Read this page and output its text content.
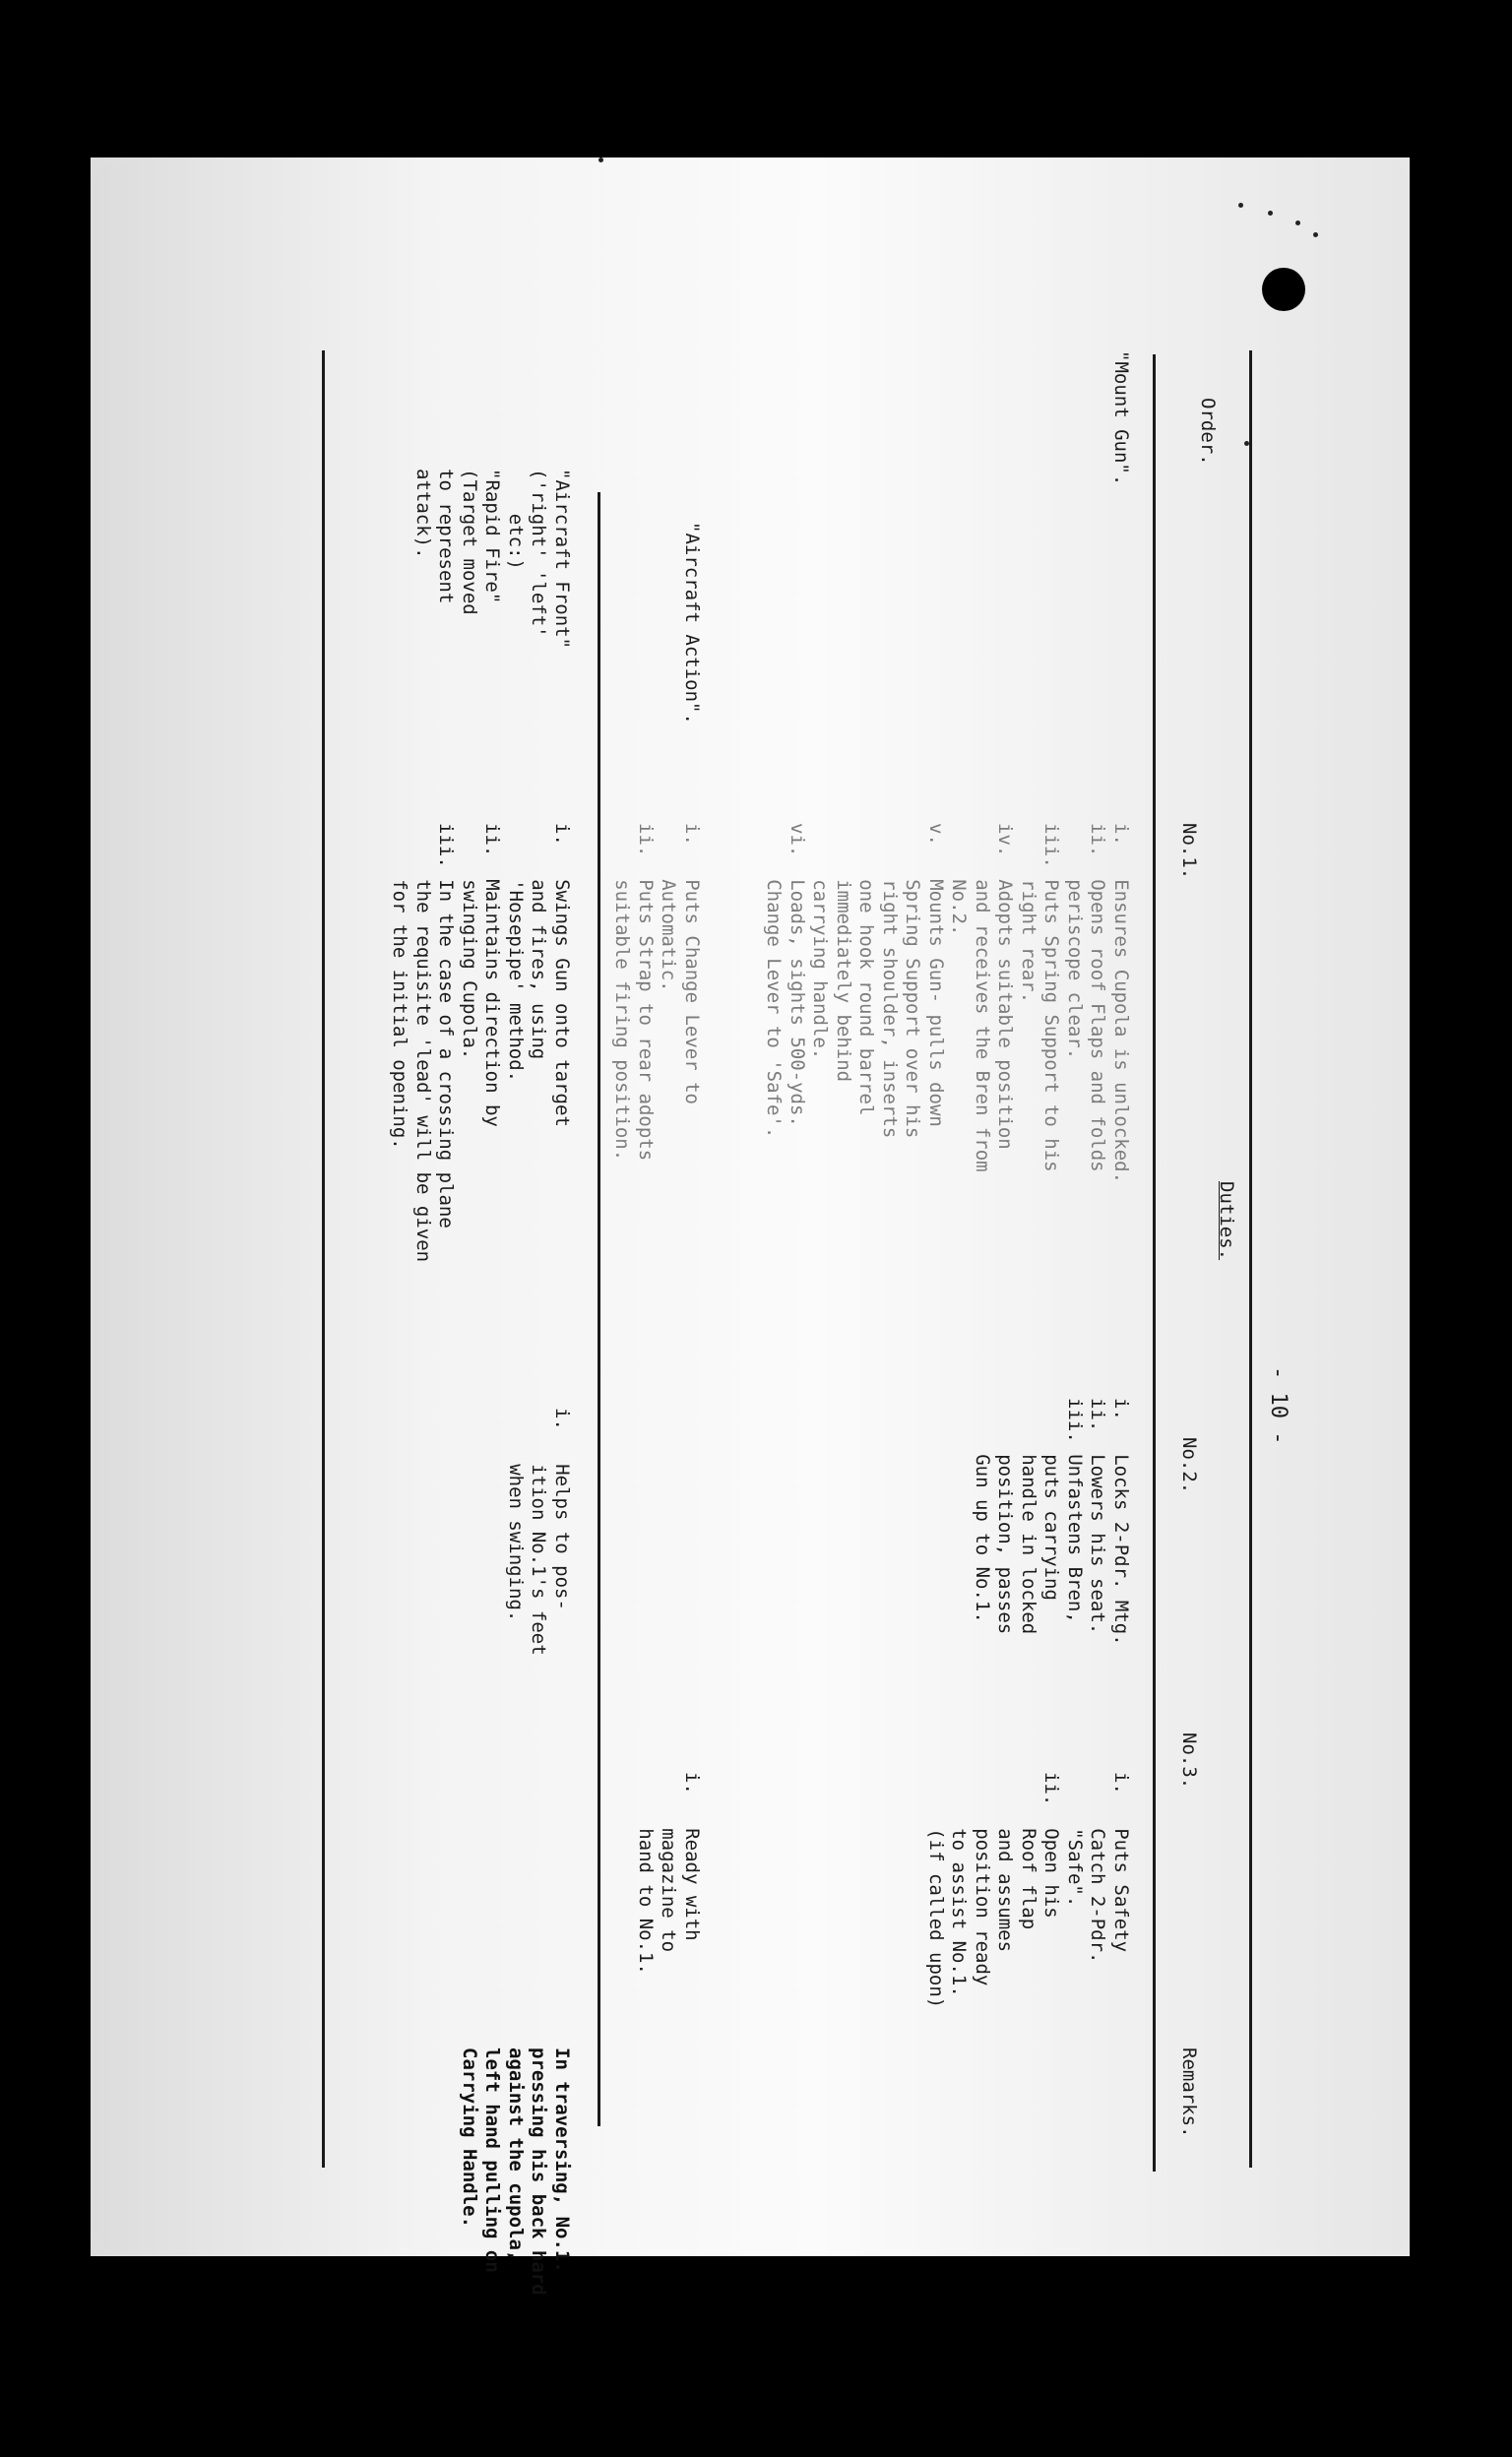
- 10 -
Order.
Duties.
No.1.
No.2.
No.3.
Remarks.
"Mount Gun".
i.   Ensures Cupola is unlocked.
ii.  Opens roof Flaps and folds
periscope clear.
iii. Puts Spring Support to his
right rear.
iv.  Adopts suitable position
and receives the Bren from
No.2.
v.   Mounts Gun- pulls down
Spring Support over his
right shoulder, inserts
one hook round barrel
immediately behind
carrying handle.
vi.  Loads, sights 500-yds.
Change Lever to 'Safe'.
i.   Locks 2-Pdr. Mtg.
ii.  Lowers his seat.
iii. Unfastens Bren,
puts carrying
handle in locked
position, passes
Gun up to No.1.
i.   Puts Safety
Catch 2-Pdr.
"Safe".
ii.  Open his
Roof flap
and assumes
position ready
to assist No.1.
(if called upon)
"Aircraft Action".
i.   Puts Change Lever to
Automatic.
ii.  Puts Strap to rear adopts
suitable firing position.
i.   Ready with
magazine to
hand to No.1.
"Aircraft Front"
('right' 'left'
etc:)
"Rapid Fire"
(Target moved
to represent
attack).
i.   Swings Gun onto target
and fires, using
'Hosepipe' method.
ii.  Maintains direction by
swinging Cupola.
iii. In the case of a crossing plane
the requisite 'lead' will be given
for the initial opening.
i.   Helps to pos-
ition No.1's feet
when swinging.
In traversing, No.1.
pressing his back hard
against the cupola,
left hand pulling on
Carrying Handle.
